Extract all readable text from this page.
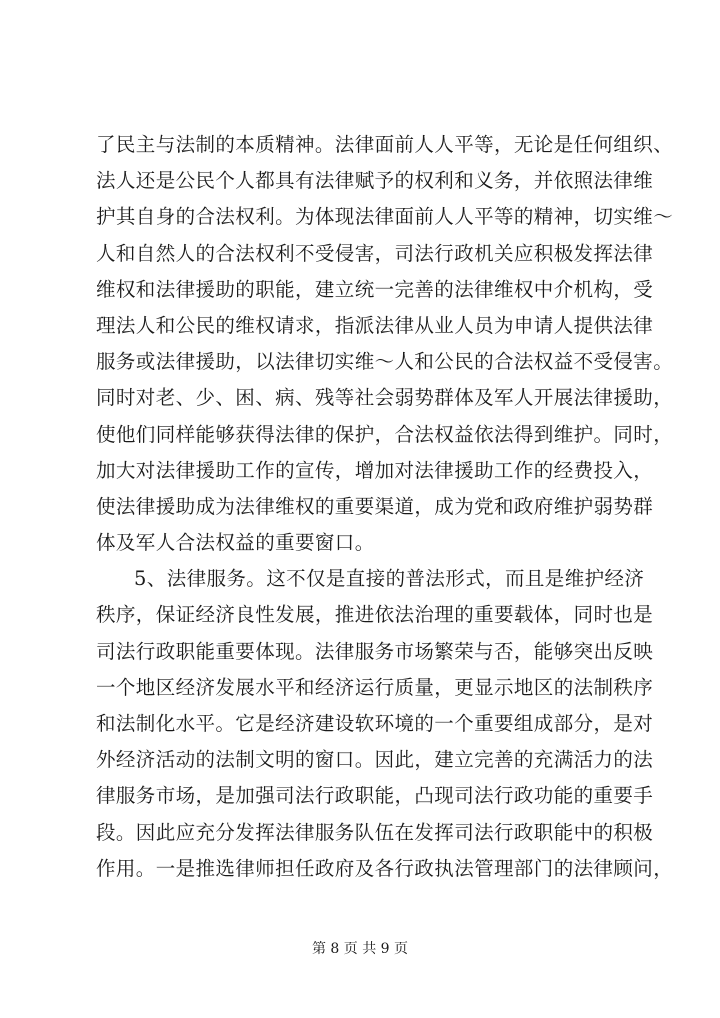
了民主与法制的本质精神。法律面前人人平等，无论是任何组织、
法人还是公民个人都具有法律赋予的权利和义务，并依照法律维
护其自身的合法权利。为体现法律面前人人平等的精神，切实维～
人和自然人的合法权利不受侵害，司法行政机关应积极发挥法律
维权和法律援助的职能，建立统一完善的法律维权中介机构，受
理法人和公民的维权请求，指派法律从业人员为申请人提供法律
服务或法律援助，以法律切实维～人和公民的合法权益不受侵害。
同时对老、少、困、病、残等社会弱势群体及军人开展法律援助，
使他们同样能够获得法律的保护，合法权益依法得到维护。同时，
加大对法律援助工作的宣传，增加对法律援助工作的经费投入，
使法律援助成为法律维权的重要渠道，成为党和政府维护弱势群
体及军人合法权益的重要窗口。
5、法律服务。这不仅是直接的普法形式，而且是维护经济
秩序，保证经济良性发展，推进依法治理的重要载体，同时也是
司法行政职能重要体现。法律服务市场繁荣与否，能够突出反映
一个地区经济发展水平和经济运行质量，更显示地区的法制秩序
和法制化水平。它是经济建设软环境的一个重要组成部分，是对
外经济活动的法制文明的窗口。因此，建立完善的充满活力的法
律服务市场，是加强司法行政职能，凸现司法行政功能的重要手
段。因此应充分发挥法律服务队伍在发挥司法行政职能中的积极
作用。一是推选律师担任政府及各行政执法管理部门的法律顾问，
第 8 页 共 9 页
